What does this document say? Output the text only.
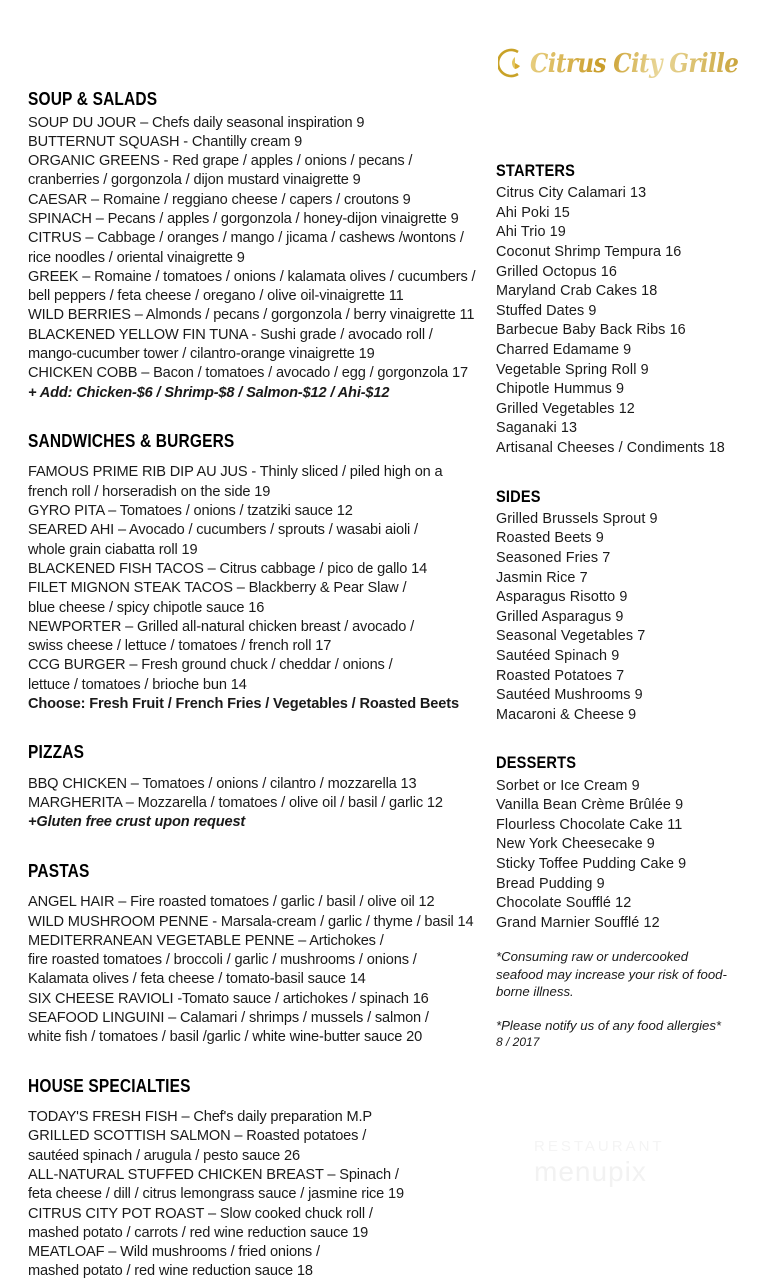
Citrus City Grille
SOUP & SALADS
SOUP DU JOUR – Chefs daily seasonal inspiration 9
BUTTERNUT SQUASH - Chantilly cream 9
ORGANIC GREENS - Red grape / apples / onions / pecans /
cranberries / gorgonzola / dijon mustard vinaigrette 9
CAESAR – Romaine / reggiano cheese / capers / croutons 9
SPINACH – Pecans / apples / gorgonzola / honey-dijon vinaigrette 9
CITRUS – Cabbage / oranges / mango / jicama / cashews /wontons /
rice noodles / oriental vinaigrette 9
GREEK – Romaine / tomatoes / onions / kalamata olives / cucumbers /
bell peppers / feta cheese / oregano / olive oil-vinaigrette 11
WILD BERRIES – Almonds / pecans / gorgonzola / berry vinaigrette 11
BLACKENED YELLOW FIN TUNA - Sushi grade / avocado roll /
mango-cucumber tower / cilantro-orange vinaigrette 19
CHICKEN COBB – Bacon / tomatoes / avocado / egg / gorgonzola 17
+ Add: Chicken-$6 / Shrimp-$8 / Salmon-$12 / Ahi-$12
SANDWICHES & BURGERS
FAMOUS PRIME RIB DIP AU JUS - Thinly sliced / piled high on a
french roll / horseradish on the side 19
GYRO PITA – Tomatoes / onions / tzatziki sauce 12
SEARED AHI – Avocado / cucumbers / sprouts / wasabi aioli /
whole grain ciabatta roll 19
BLACKENED FISH TACOS – Citrus cabbage / pico de gallo 14
FILET MIGNON STEAK TACOS – Blackberry & Pear Slaw /
blue cheese / spicy chipotle sauce 16
NEWPORTER – Grilled all-natural chicken breast / avocado /
swiss cheese / lettuce / tomatoes / french roll 17
CCG BURGER – Fresh ground chuck / cheddar / onions /
lettuce / tomatoes / brioche bun 14
Choose: Fresh Fruit / French Fries / Vegetables / Roasted Beets
PIZZAS
BBQ CHICKEN – Tomatoes / onions / cilantro / mozzarella 13
MARGHERITA – Mozzarella / tomatoes / olive oil / basil / garlic 12
+Gluten free crust upon request
PASTAS
ANGEL HAIR – Fire roasted tomatoes / garlic / basil / olive oil 12
WILD MUSHROOM PENNE - Marsala-cream / garlic / thyme / basil 14
MEDITERRANEAN VEGETABLE PENNE – Artichokes /
fire roasted tomatoes / broccoli / garlic / mushrooms / onions /
Kalamata olives / feta cheese / tomato-basil sauce 14
SIX CHEESE RAVIOLI -Tomato sauce / artichokes / spinach 16
SEAFOOD LINGUINI – Calamari / shrimps / mussels / salmon /
white fish / tomatoes / basil /garlic / white wine-butter sauce 20
HOUSE SPECIALTIES
TODAY'S FRESH FISH – Chef's daily preparation M.P
GRILLED SCOTTISH SALMON – Roasted potatoes /
sautéed spinach / arugula / pesto sauce 26
ALL-NATURAL STUFFED CHICKEN BREAST – Spinach /
feta cheese / dill / citrus lemongrass sauce / jasmine rice 19
CITRUS CITY POT ROAST – Slow cooked chuck roll /
mashed potato / carrots / red wine reduction sauce 19
MEATLOAF – Wild mushrooms / fried onions /
mashed potato / red wine reduction sauce 18
STARTERS
Citrus City Calamari 13
Ahi Poki 15
Ahi Trio 19
Coconut Shrimp Tempura 16
Grilled Octopus 16
Maryland Crab Cakes 18
Stuffed Dates 9
Barbecue Baby Back Ribs 16
Charred Edamame 9
Vegetable Spring Roll 9
Chipotle Hummus 9
Grilled Vegetables 12
Saganaki 13
Artisanal Cheeses / Condiments 18
SIDES
Grilled Brussels Sprout 9
Roasted Beets 9
Seasoned Fries 7
Jasmin Rice 7
Asparagus Risotto 9
Grilled Asparagus 9
Seasonal Vegetables 7
Sautéed Spinach 9
Roasted Potatoes 7
Sautéed Mushrooms 9
Macaroni & Cheese 9
DESSERTS
Sorbet or Ice Cream 9
Vanilla Bean Crème Brûlée 9
Flourless Chocolate Cake 11
New York Cheesecake 9
Sticky Toffee Pudding Cake 9
Bread Pudding 9
Chocolate Soufflé 12
Grand Marnier Soufflé 12
*Consuming raw or undercooked
seafood may increase your risk of food-
borne illness.
*Please notify us of any food allergies*
8 / 2017
RESTAURANT
menupix
